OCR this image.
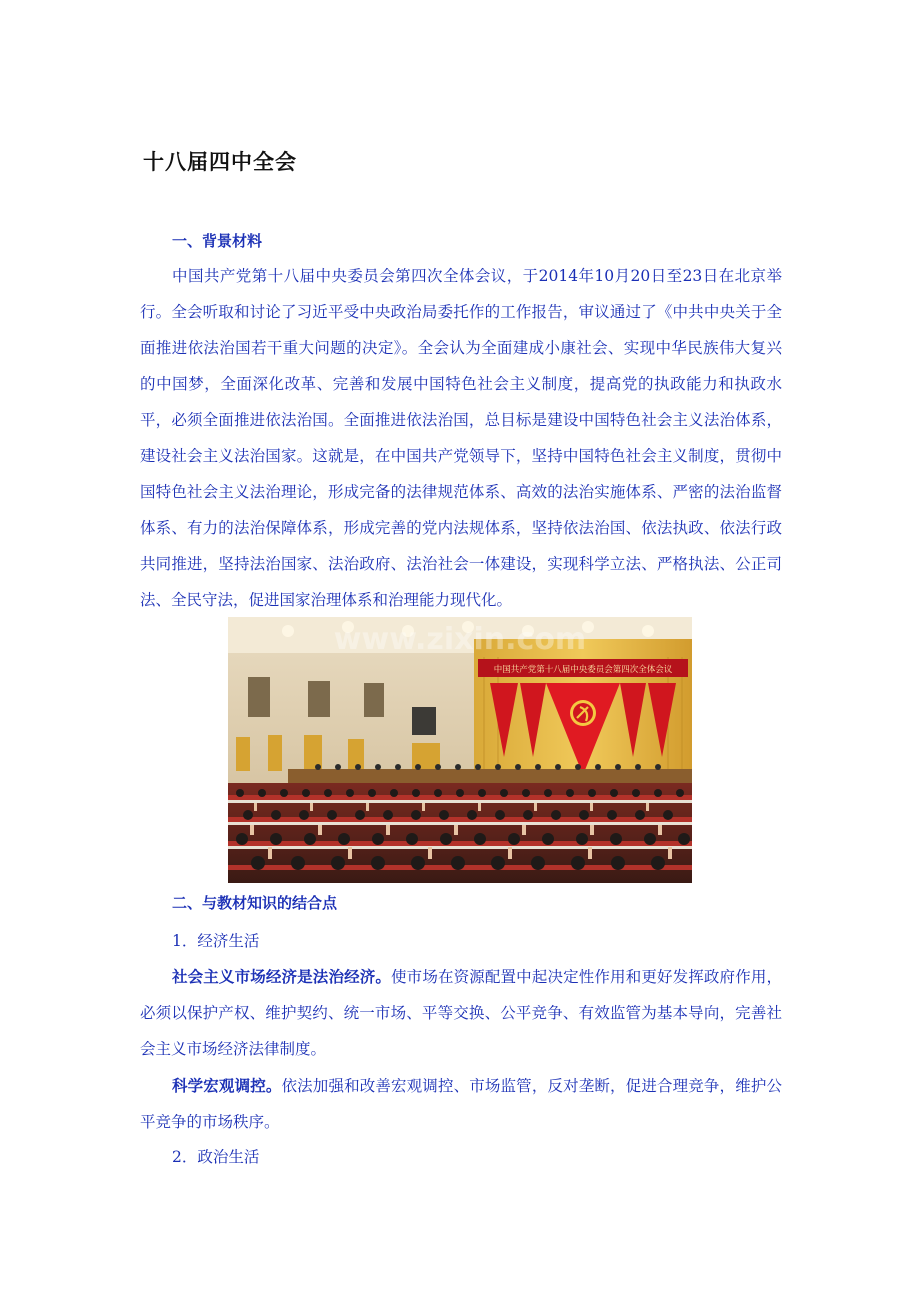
十八届四中全会
一、背景材料

中国共产党第十八届中央委员会第四次全体会议，于2014年10月20日至23日在北京举行。全会听取和讨论了习近平受中央政治局委托作的工作报告，审议通过了《中共中央关于全面推进依法治国若干重大问题的决定》。全会认为全面建成小康社会、实现中华民族伟大复兴的中国梦，全面深化改革、完善和发展中国特色社会主义制度，提高党的执政能力和执政水平，必须全面推进依法治国。全面推进依法治国，总目标是建设中国特色社会主义法治体系，建设社会主义法治国家。这就是，在中国共产党领导下，坚持中国特色社会主义制度，贯彻中国特色社会主义法治理论，形成完备的法律规范体系、高效的法治实施体系、严密的法治监督体系、有力的法治保障体系，形成完善的党内法规体系，坚持依法治国、依法执政、依法行政共同推进，坚持法治国家、法治政府、法治社会一体建设，实现科学立法、严格执法、公正司法、全民守法，促进国家治理体系和治理能力现代化。

中国共产党第十八届中央委员会第四次全体会议
www.zixin.com
二、与教材知识的结合点
1．经济生活

社会主义市场经济是法治经济。使市场在资源配置中起决定性作用和更好发挥政府作用，必须以保护产权、维护契约、统一市场、平等交换、公平竞争、有效监管为基本导向，完善社会主义市场经济法律制度。

科学宏观调控。依法加强和改善宏观调控、市场监管，反对垄断，促进合理竞争，维护公平竞争的市场秩序。

2．政治生活
